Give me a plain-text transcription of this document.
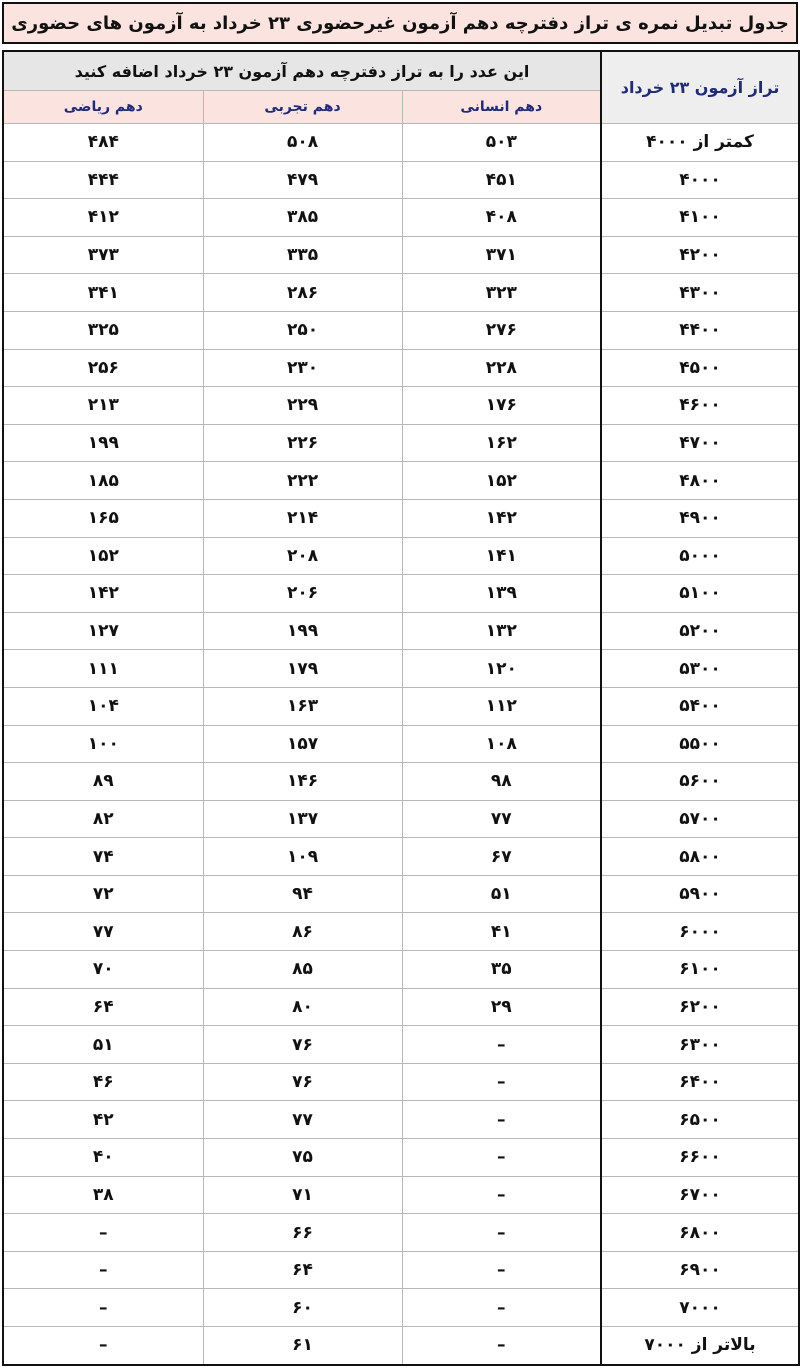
جدول تبدیل نمره ی تراز دفترچه دهم آزمون غیرحضوری ۲۳ خرداد به آزمون های حضوری
تراز آزمون ۲۳ خرداد	این عدد را به تراز دفترچه دهم آزمون ۲۳ خرداد اضافه کنید		
	دهم انسانی	دهم تجربی	دهم ریاضی
کمتر از ۴۰۰۰	۵۰۳	۵۰۸	۴۸۴
۴۰۰۰	۴۵۱	۴۷۹	۴۴۴
۴۱۰۰	۴۰۸	۳۸۵	۴۱۲
۴۲۰۰	۳۷۱	۳۳۵	۳۷۳
۴۳۰۰	۳۲۳	۲۸۶	۳۴۱
۴۴۰۰	۲۷۶	۲۵۰	۳۲۵
۴۵۰۰	۲۲۸	۲۳۰	۲۵۶
۴۶۰۰	۱۷۶	۲۲۹	۲۱۳
۴۷۰۰	۱۶۲	۲۲۶	۱۹۹
۴۸۰۰	۱۵۲	۲۲۲	۱۸۵
۴۹۰۰	۱۴۲	۲۱۴	۱۶۵
۵۰۰۰	۱۴۱	۲۰۸	۱۵۲
۵۱۰۰	۱۳۹	۲۰۶	۱۴۲
۵۲۰۰	۱۳۲	۱۹۹	۱۲۷
۵۳۰۰	۱۲۰	۱۷۹	۱۱۱
۵۴۰۰	۱۱۲	۱۶۳	۱۰۴
۵۵۰۰	۱۰۸	۱۵۷	۱۰۰
۵۶۰۰	۹۸	۱۴۶	۸۹
۵۷۰۰	۷۷	۱۳۷	۸۲
۵۸۰۰	۶۷	۱۰۹	۷۴
۵۹۰۰	۵۱	۹۴	۷۲
۶۰۰۰	۴۱	۸۶	۷۷
۶۱۰۰	۳۵	۸۵	۷۰
۶۲۰۰	۲۹	۸۰	۶۴
۶۳۰۰	–	۷۶	۵۱
۶۴۰۰	–	۷۶	۴۶
۶۵۰۰	–	۷۷	۴۲
۶۶۰۰	–	۷۵	۴۰
۶۷۰۰	–	۷۱	۳۸
۶۸۰۰	–	۶۶	–
۶۹۰۰	–	۶۴	–
۷۰۰۰	–	۶۰	–
بالاتر از ۷۰۰۰	–	۶۱	–
